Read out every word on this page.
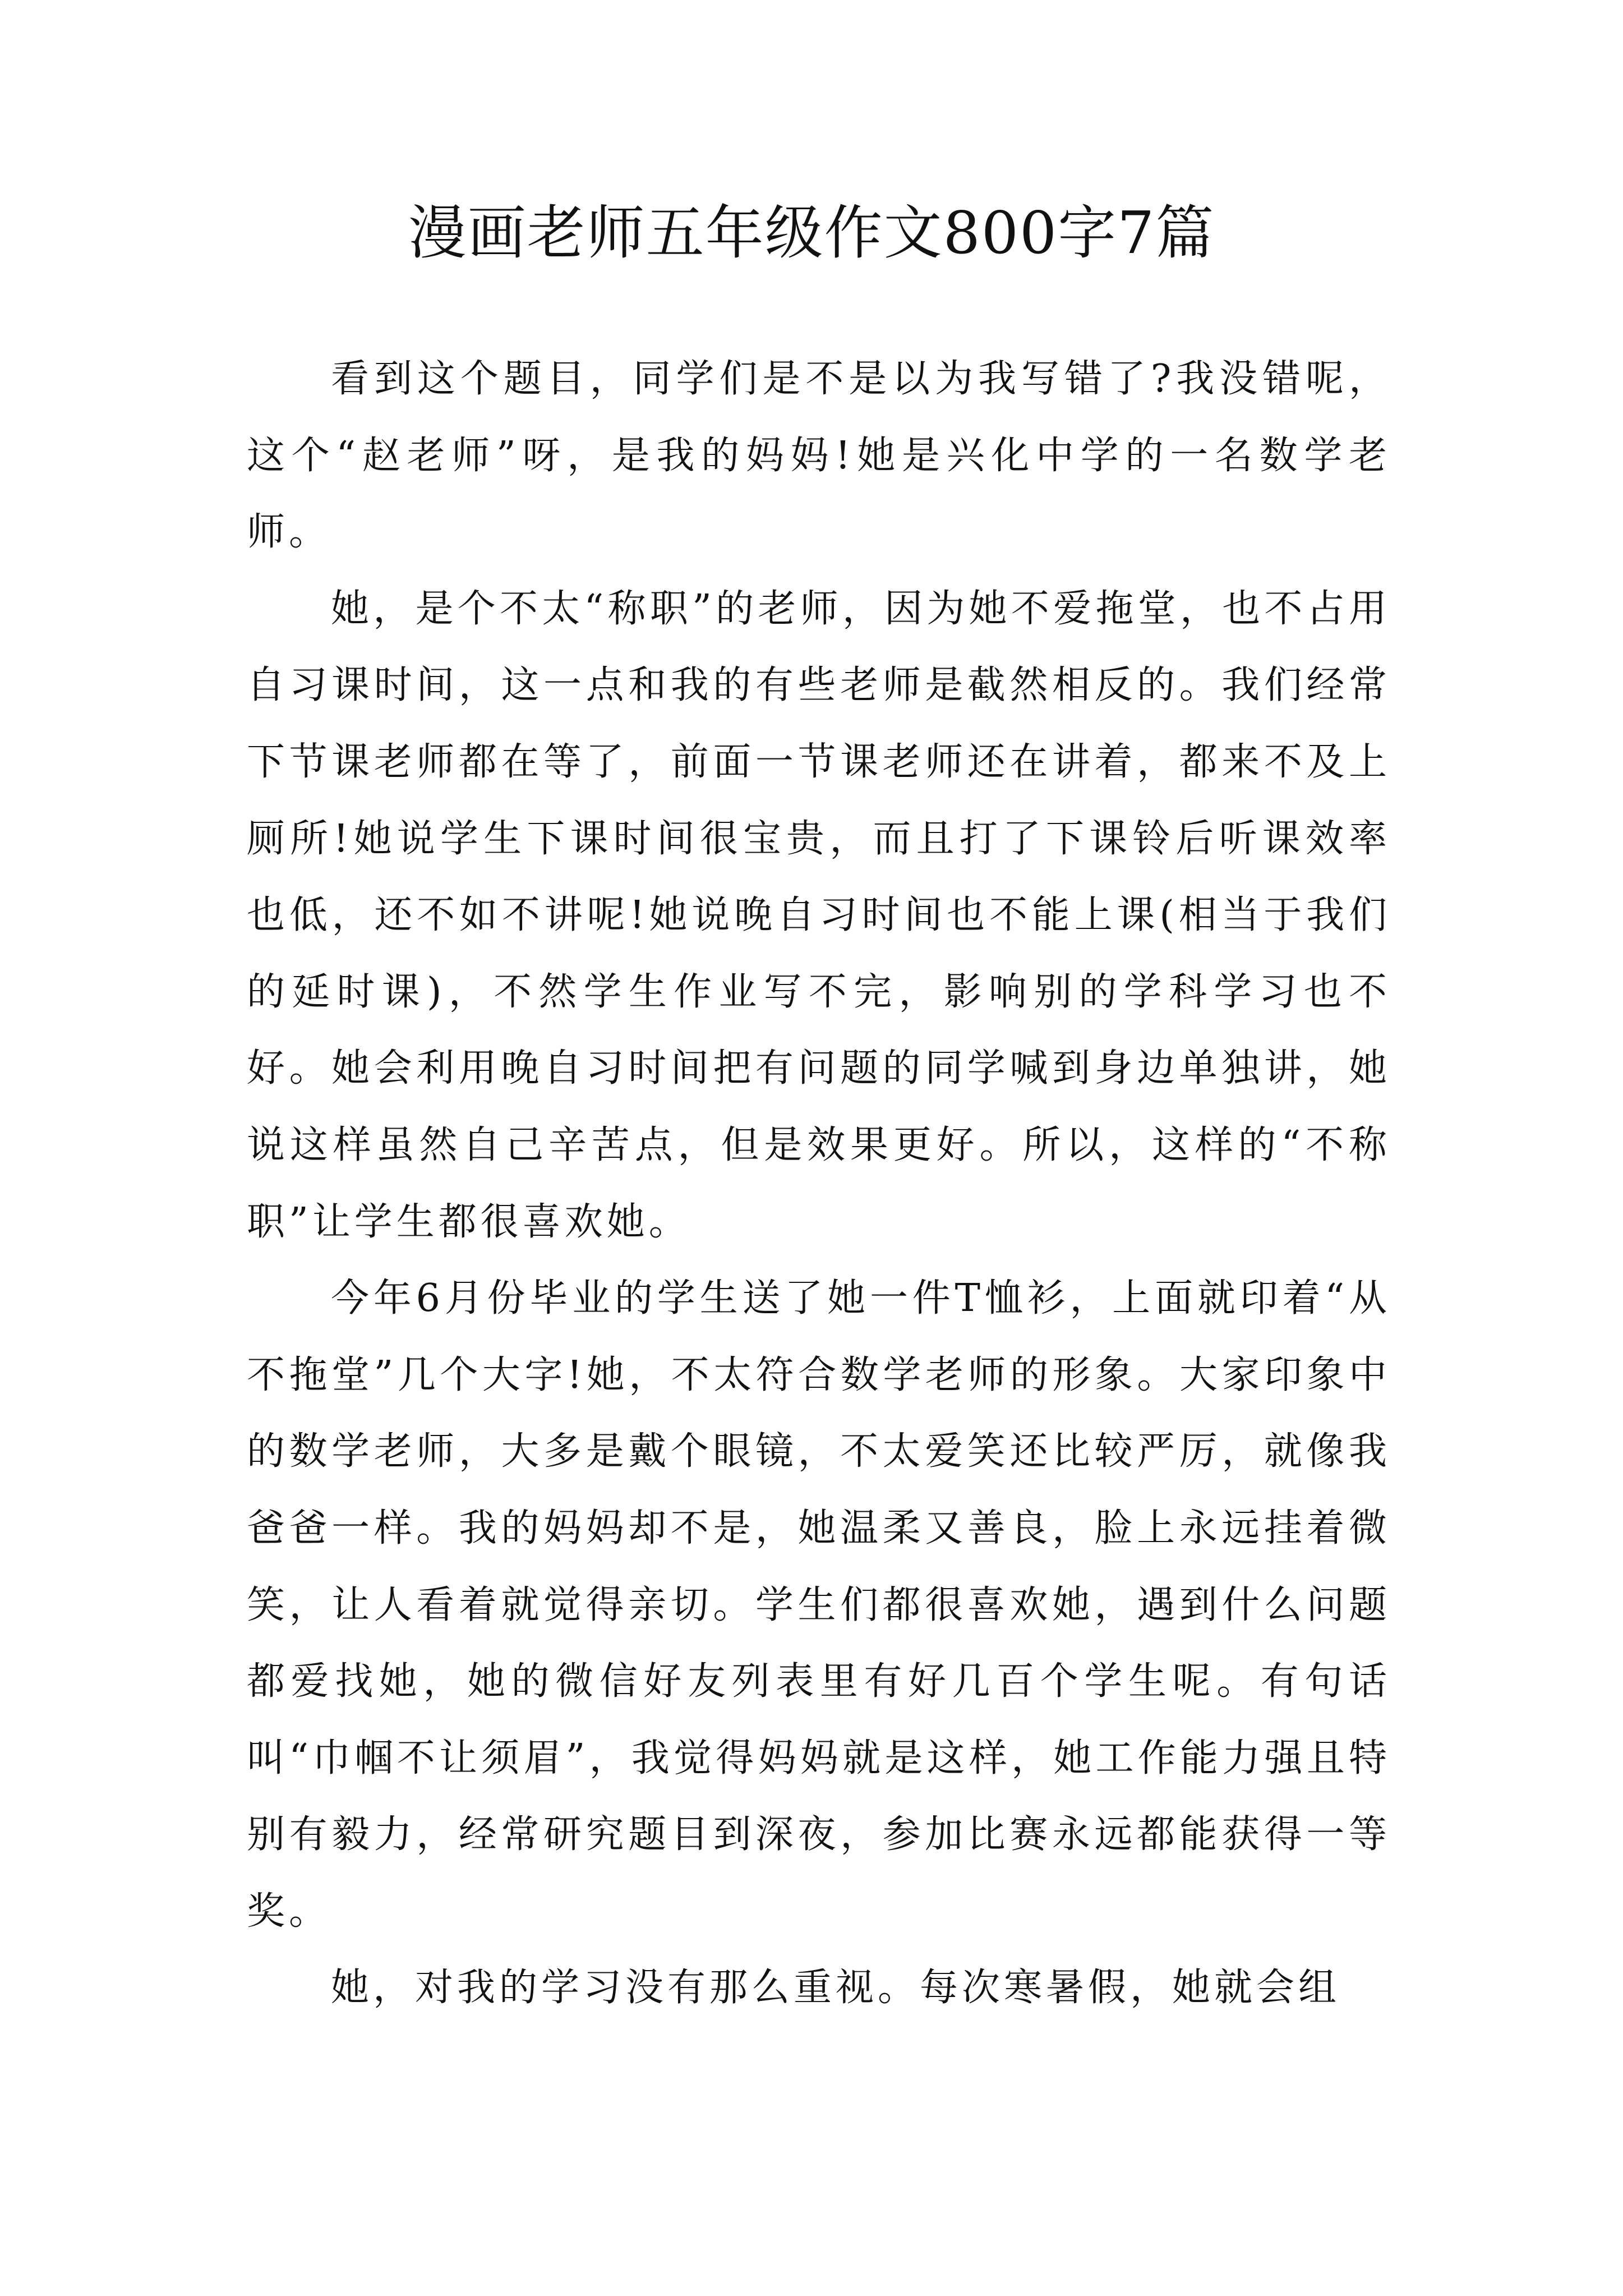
漫画老师五年级作文800字7篇

看到这个题目，同学们是不是以为我写错了?我没错呢，这个“赵老师”呀，是我的妈妈!她是兴化中学的一名数学老师。

她，是个不太“称职”的老师，因为她不爱拖堂，也不占用自习课时间，这一点和我的有些老师是截然相反的。我们经常下节课老师都在等了，前面一节课老师还在讲着，都来不及上厕所!她说学生下课时间很宝贵，而且打了下课铃后听课效率也低，还不如不讲呢!她说晚自习时间也不能上课(相当于我们的延时课)，不然学生作业写不完，影响别的学科学习也不好。她会利用晚自习时间把有问题的同学喊到身边单独讲，她说这样虽然自己辛苦点，但是效果更好。所以，这样的“不称职”让学生都很喜欢她。

今年6月份毕业的学生送了她一件T恤衫，上面就印着“从不拖堂”几个大字!她，不太符合数学老师的形象。大家印象中的数学老师，大多是戴个眼镜，不太爱笑还比较严厉，就像我爸爸一样。我的妈妈却不是，她温柔又善良，脸上永远挂着微笑，让人看着就觉得亲切。学生们都很喜欢她，遇到什么问题都爱找她，她的微信好友列表里有好几百个学生呢。有句话叫“巾帼不让须眉”，我觉得妈妈就是这样，她工作能力强且特别有毅力，经常研究题目到深夜，参加比赛永远都能获得一等奖。

她，对我的学习没有那么重视。每次寒暑假，她就会组
